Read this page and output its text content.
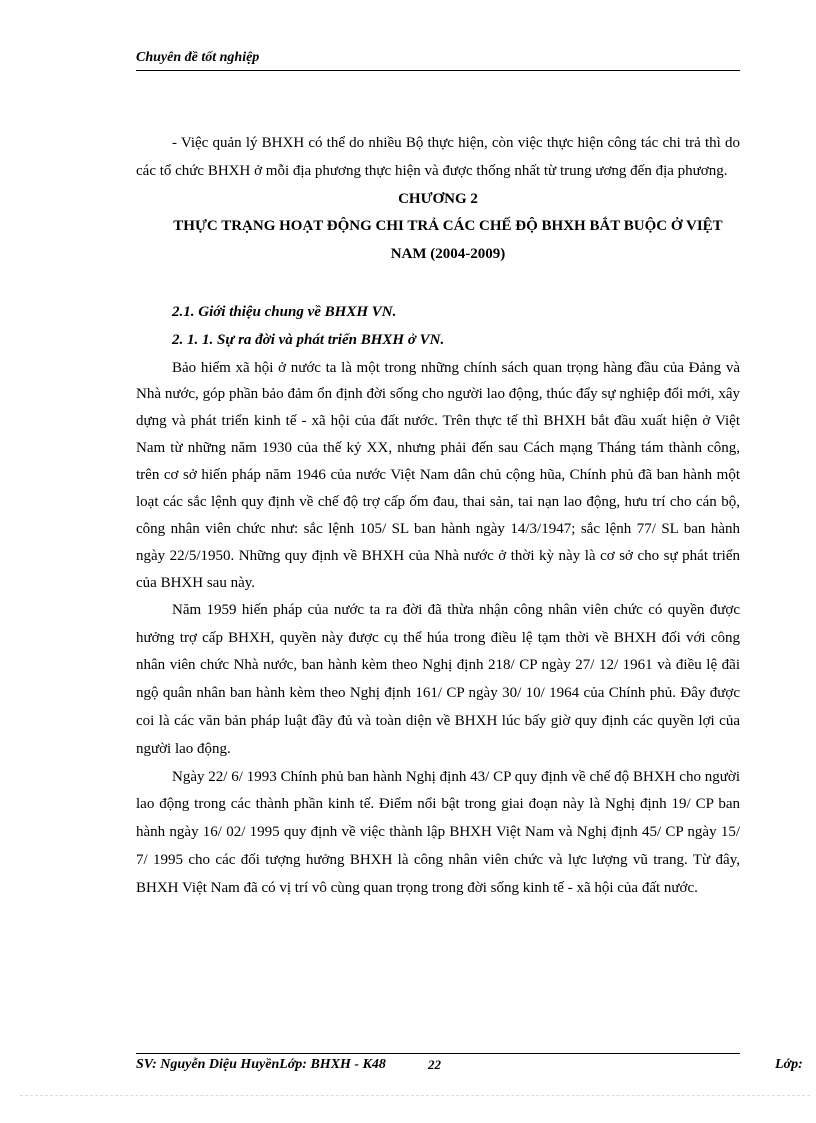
Chuyên đề tốt nghiệp

- Việc quản lý BHXH có thể do nhiều Bộ thực hiện, còn việc thực hiện công tác chi trả thì do các tổ chức BHXH ở mỗi địa phương thực hiện và được thống nhất từ trung ương đến địa phương.

CHƯƠNG 2

THỰC TRẠNG HOẠT ĐỘNG CHI TRẢ CÁC CHẾ ĐỘ BHXH BẮT BUỘC Ở VIỆT NAM (2004-2009)

2.1. Giới thiệu chung về BHXH VN.

2. 1. 1. Sự ra đời và phát triển BHXH ở VN.

Bảo hiểm xã hội ở nước ta là một trong những chính sách quan trọng hàng đầu của Đảng và Nhà nước, góp phần bảo đảm ổn định đời sống cho người lao động, thúc đẩy sự nghiệp đổi mới, xây dựng và phát triển kinh tế - xã hội của đất nước. Trên thực tế thì BHXH bắt đầu xuất hiện ở Việt Nam từ những năm 1930 của thế kỷ XX, nhưng phải đến sau Cách mạng Tháng tám thành công, trên cơ sở hiến pháp năm 1946 của nước Việt Nam dân chủ cộng hũa, Chính phủ đã ban hành một loạt các sắc lệnh quy định về chế độ trợ cấp ốm đau, thai sản, tai nạn lao động, hưu trí cho cán bộ, công nhân viên chức như: sắc lệnh 105/ SL ban hành ngày 14/3/1947; sắc lệnh 77/ SL ban hành ngày 22/5/1950. Những quy định về BHXH của Nhà nước ở thời kỳ này là cơ sở cho sự phát triển của BHXH sau này.

Năm 1959 hiến pháp của nước ta ra đời đã thừa nhận công nhân viên chức có quyền được hưởng trợ cấp BHXH, quyền này được cụ thể húa trong điều lệ tạm thời về BHXH đối với công nhân viên chức Nhà nước, ban hành kèm theo Nghị định 218/ CP ngày 27/ 12/ 1961 và điều lệ đãi ngộ quân nhân ban hành kèm theo Nghị định 161/ CP ngày 30/ 10/ 1964 của Chính phủ. Đây được coi là các văn bản pháp luật đầy đủ và toàn diện về BHXH lúc bấy giờ quy định các quyền lợi của người lao động.

Ngày 22/ 6/ 1993 Chính phủ ban hành Nghị định 43/ CP quy định về chế độ BHXH cho người lao động trong các thành phần kinh tế. Điểm nổi bật trong giai đoạn này là Nghị định 19/ CP ban hành ngày 16/ 02/ 1995 quy định về việc thành lập BHXH Việt Nam và Nghị định 45/ CP ngày 15/ 7/ 1995 cho các đối tượng hưởng BHXH là công nhân viên chức và lực lượng vũ trang. Từ đây, BHXH Việt Nam đã có vị trí vô cùng quan trọng trong đời sống kinh tế - xã hội của đất nước.

SV: Nguyễn Diệu HuyềnLớp: BHXH - K48	22	Lớp:
